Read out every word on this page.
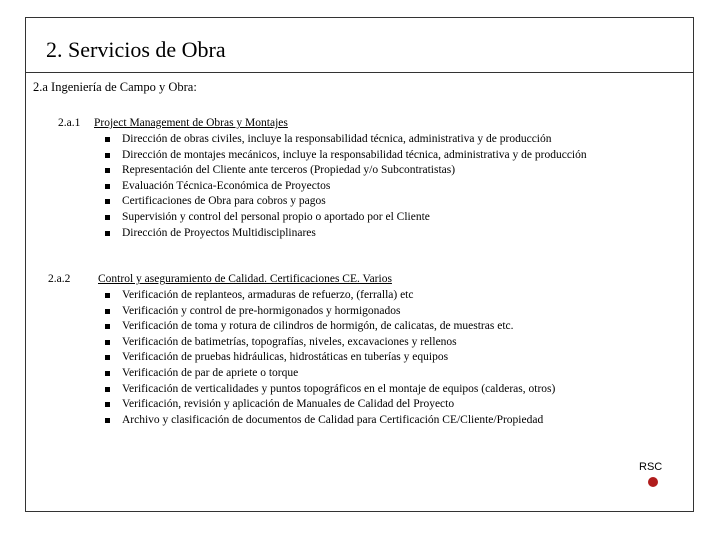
2. Servicios de Obra
2.a Ingeniería de Campo y Obra:
2.a.1 Project Management de Obras y Montajes
Dirección de obras civiles, incluye la responsabilidad técnica, administrativa y de producción
Dirección de montajes mecánicos, incluye la responsabilidad técnica, administrativa y de producción
Representación del Cliente ante terceros (Propiedad y/o Subcontratistas)
Evaluación Técnica-Económica de Proyectos
Certificaciones de Obra para cobros y pagos
Supervisión y control del personal propio o aportado por el Cliente
Dirección de Proyectos Multidisciplinares
2.a.2 Control y aseguramiento de Calidad. Certificaciones CE. Varios
Verificación de replanteos, armaduras de refuerzo, (ferralla) etc
Verificación y control de pre-hormigonados y hormigonados
Verificación de toma y rotura de cilindros de hormigón, de calicatas, de muestras etc.
Verificación de batimetrías, topografías, niveles, excavaciones y rellenos
Verificación de pruebas hidráulicas, hidrostáticas en tuberías y equipos
Verificación de par de apriete o torque
Verificación de verticalidades y puntos topográficos en el montaje de equipos (calderas, otros)
Verificación, revisión y aplicación de Manuales de Calidad del Proyecto
Archivo y clasificación de documentos de Calidad para Certificación CE/Cliente/Propiedad
RSC
